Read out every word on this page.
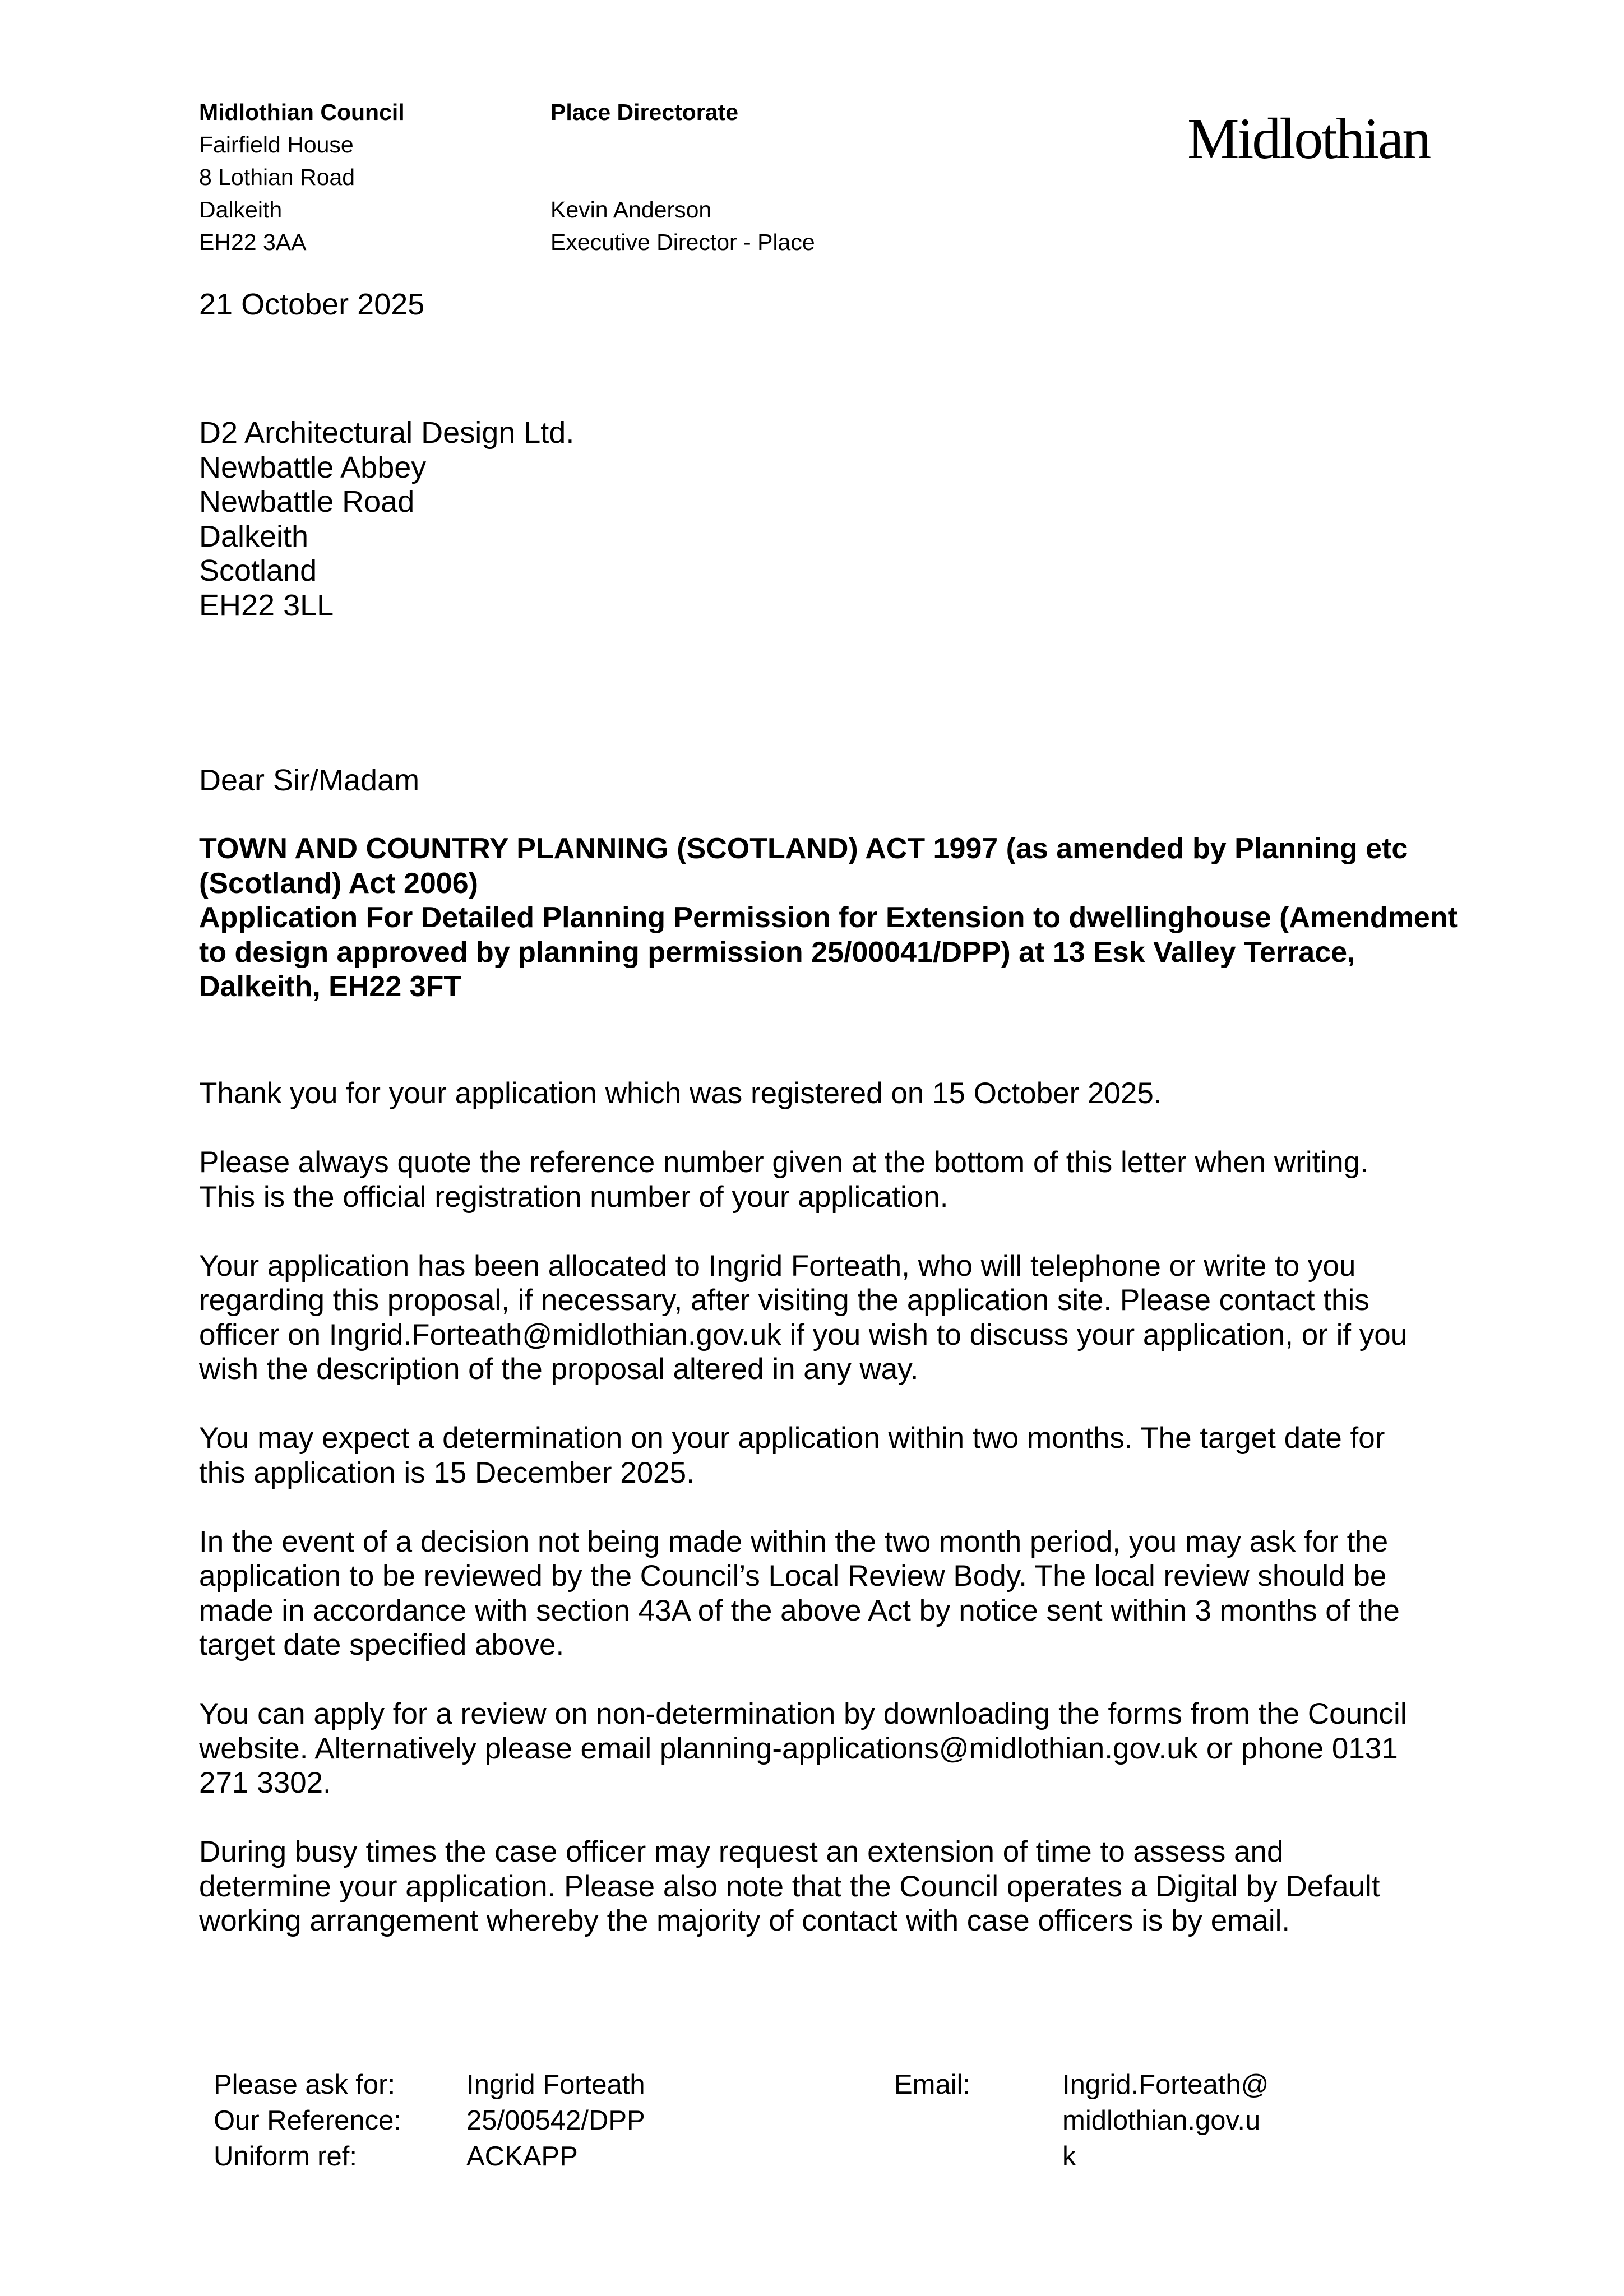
Midlothian Council
Fairfield House
8 Lothian Road
Dalkeith
EH22 3AA
Place Directorate
Kevin Anderson
Executive Director - Place
Midlothian
21 October 2025
D2 Architectural Design Ltd.
Newbattle Abbey
Newbattle Road
Dalkeith
Scotland
EH22 3LL
Dear Sir/Madam
TOWN AND COUNTRY PLANNING (SCOTLAND) ACT 1997 (as amended by Planning etc (Scotland) Act 2006)
Application For Detailed Planning Permission for Extension to dwellinghouse (Amendment to design approved by planning permission 25/00041/DPP) at 13 Esk Valley Terrace, Dalkeith, EH22 3FT

Thank you for your application which was registered on 15 October 2025.

Please always quote the reference number given at the bottom of this letter when writing.
This is the official registration number of your application.

Your application has been allocated to Ingrid Forteath, who will telephone or write to you
regarding this proposal, if necessary, after visiting the application site. Please contact this
officer on Ingrid.Forteath@midlothian.gov.uk if you wish to discuss your application, or if you
wish the description of the proposal altered in any way.

You may expect a determination on your application within two months. The target date for
this application is 15 December 2025.

In the event of a decision not being made within the two month period, you may ask for the
application to be reviewed by the Council’s Local Review Body. The local review should be
made in accordance with section 43A of the above Act by notice sent within 3 months of the
target date specified above.

You can apply for a review on non-determination by downloading the forms from the Council
website. Alternatively please email planning-applications@midlothian.gov.uk or phone 0131
271 3302.

During busy times the case officer may request an extension of time to assess and
determine your application. Please also note that the Council operates a Digital by Default
working arrangement whereby the majority of contact with case officers is by email.

Please ask for:
Our Reference:
Uniform ref:
Ingrid Forteath
25/00542/DPP
ACKAPP
Email:	Ingrid.Forteath@
midlothian.gov.u
k
